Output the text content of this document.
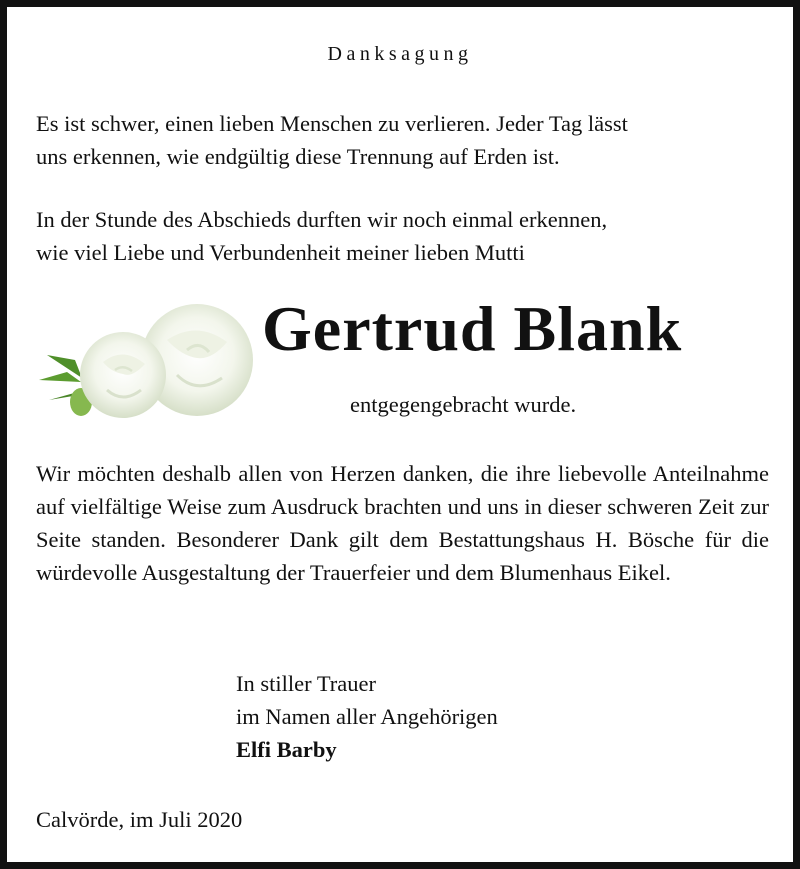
Danksagung

Es ist schwer, einen lieben Menschen zu verlieren. Jeder Tag lässt
uns erkennen, wie endgültig diese Trennung auf Erden ist.

In der Stunde des Abschieds durften wir noch einmal erkennen,
wie viel Liebe und Verbundenheit meiner lieben Mutti

Gertrud Blank
entgegengebracht wurde.

Wir möchten deshalb allen von Herzen danken, die ihre liebevolle Anteilnahme auf vielfältige Weise zum Ausdruck brachten und uns in dieser schweren Zeit zur Seite standen. Besonderer Dank gilt dem Bestattungshaus H. Bösche für die würdevolle Ausgestaltung der Trauerfeier und dem Blumenhaus Eikel.

In stiller Trauer
im Namen aller Angehörigen
Elfi Barby
Calvörde, im Juli 2020
